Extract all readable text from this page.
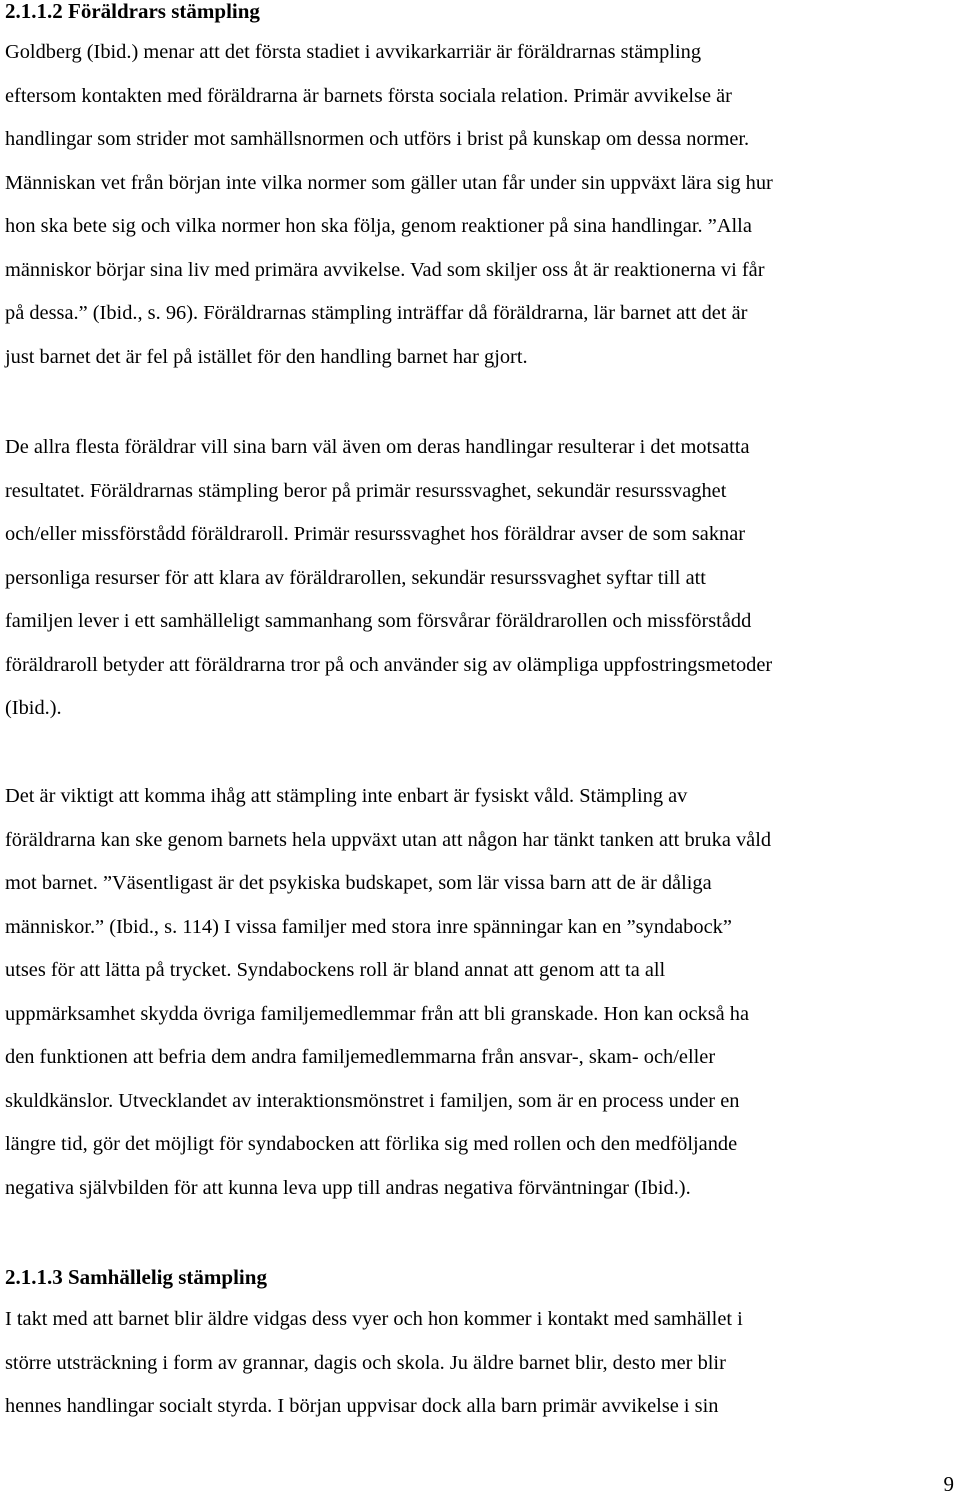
2.1.1.2 Föräldrars stämpling

Goldberg (Ibid.) menar att det första stadiet i avvikarkarriär är föräldrarnas stämpling
eftersom kontakten med föräldrarna är barnets första sociala relation. Primär avvikelse är
handlingar som strider mot samhällsnormen och utförs i brist på kunskap om dessa normer.
Människan vet från början inte vilka normer som gäller utan får under sin uppväxt lära sig hur
hon ska bete sig och vilka normer hon ska följa, genom reaktioner på sina handlingar. ”Alla
människor börjar sina liv med primära avvikelse. Vad som skiljer oss åt är reaktionerna vi får
på dessa.” (Ibid., s. 96). Föräldrarnas stämpling inträffar då föräldrarna, lär barnet att det är
just barnet det är fel på istället för den handling barnet har gjort.

De allra flesta föräldrar vill sina barn väl även om deras handlingar resulterar i det motsatta
resultatet. Föräldrarnas stämpling beror på primär resurssvaghet, sekundär resurssvaghet
och/eller missförstådd föräldraroll. Primär resurssvaghet hos föräldrar avser de som saknar
personliga resurser för att klara av föräldrarollen, sekundär resurssvaghet syftar till att
familjen lever i ett samhälleligt sammanhang som försvårar föräldrarollen och missförstådd
föräldraroll betyder att föräldrarna tror på och använder sig av olämpliga uppfostringsmetoder
(Ibid.).

Det är viktigt att komma ihåg att stämpling inte enbart är fysiskt våld. Stämpling av
föräldrarna kan ske genom barnets hela uppväxt utan att någon har tänkt tanken att bruka våld
mot barnet. ”Väsentligast är det psykiska budskapet, som lär vissa barn att de är dåliga
människor.” (Ibid., s. 114) I vissa familjer med stora inre spänningar kan en ”syndabock”
utses för att lätta på trycket. Syndabockens roll är bland annat att genom att ta all
uppmärksamhet skydda övriga familjemedlemmar från att bli granskade. Hon kan också ha
den funktionen att befria dem andra familjemedlemmarna från ansvar-, skam- och/eller
skuldkänslor. Utvecklandet av interaktionsmönstret i familjen, som är en process under en
längre tid, gör det möjligt för syndabocken att förlika sig med rollen och den medföljande
negativa självbilden för att kunna leva upp till andras negativa förväntningar (Ibid.).

2.1.1.3 Samhällelig stämpling

I takt med att barnet blir äldre vidgas dess vyer och hon kommer i kontakt med samhället i
större utsträckning i form av grannar, dagis och skola. Ju äldre barnet blir, desto mer blir
hennes handlingar socialt styrda. I början uppvisar dock alla barn primär avvikelse i sin

9
